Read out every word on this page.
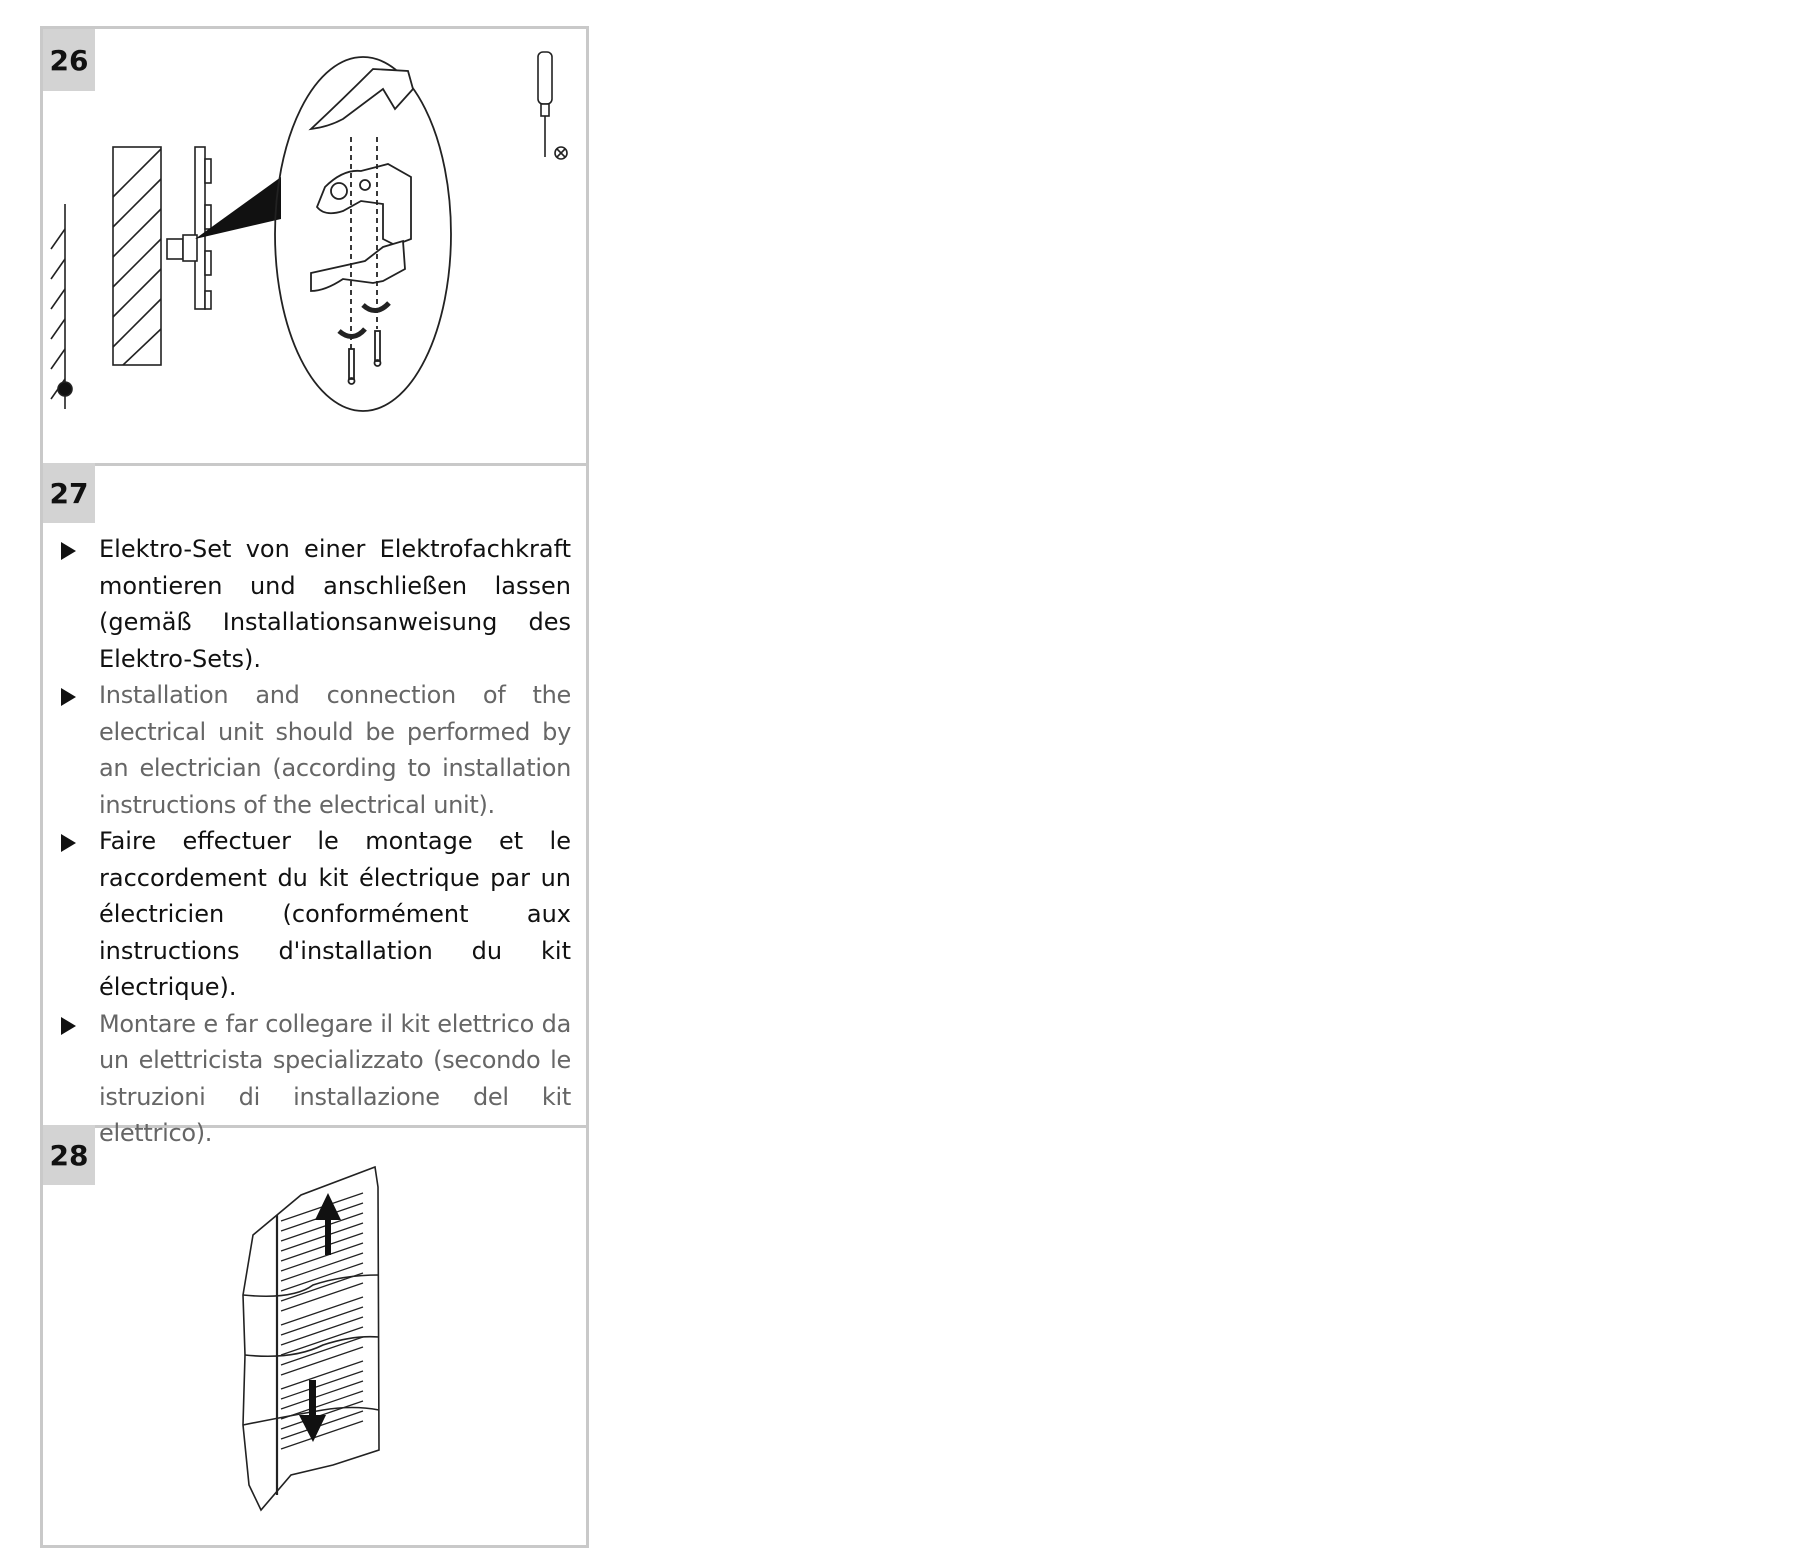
26
27
Elektro-Set von einer Elektrofachkraft montieren und anschließen lassen (gemäß Installationsanweisung des Elektro-Sets).
Installation and connection of the electrical unit should be performed by an electrician (according to installation instructions of the electrical unit).
Faire effectuer le montage et le raccordement du kit électrique par un électricien (conformément aux instructions d'installation du kit électrique).
Montare e far collegare il kit elettrico da un elettricista specializzato (secondo le istruzioni di installazione del kit elettrico).
28
